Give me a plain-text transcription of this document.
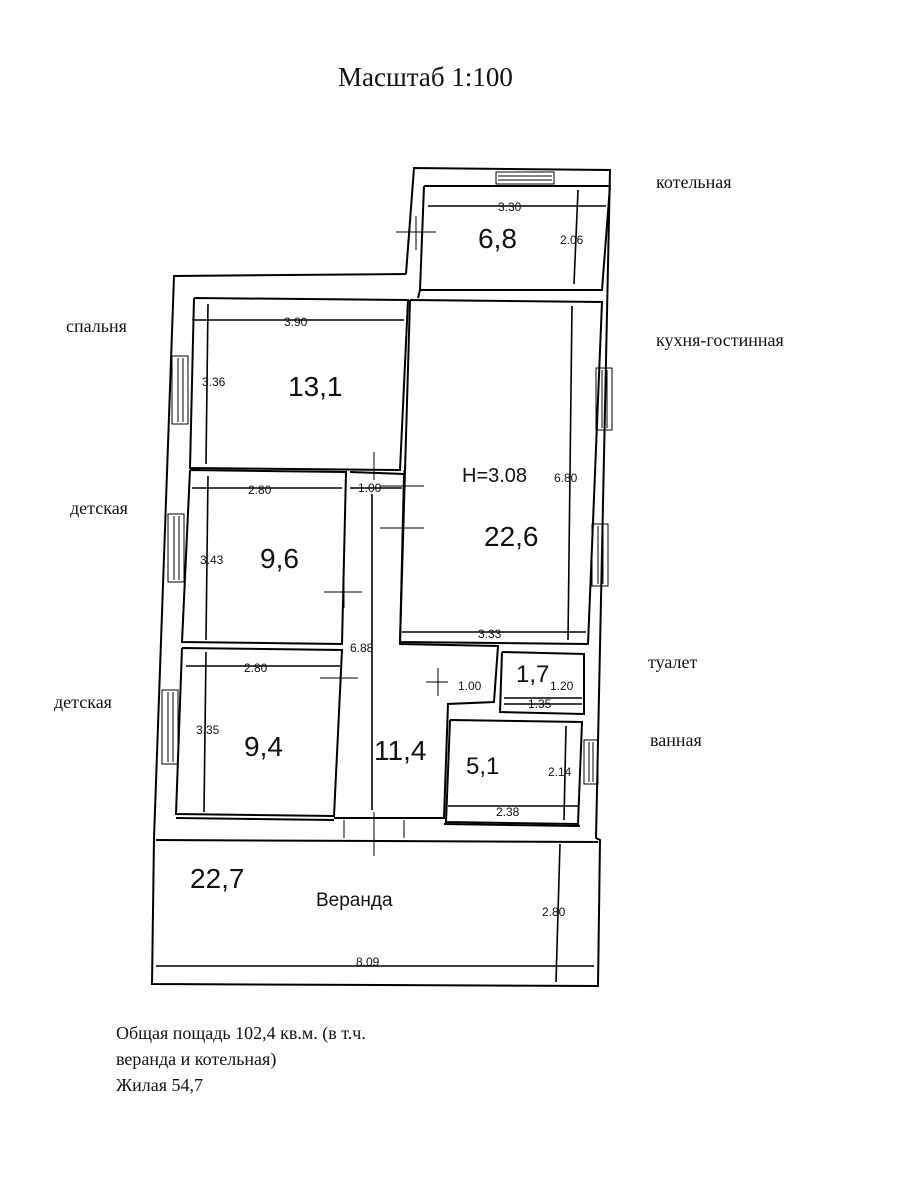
Масштаб 1:100
котельная
спальня
кухня-гостинная
детская
туалет
детская
ванная
6,8
13,1
22,6
9,6
9,4	11,4
1,7
5,1
22,7
Веранда
H=3.08
3.30
2.06
3.90
3.36
6.80
3.33
2.80
3.43
1.00
6.88
2.80
3.35
1.00	1.20
1.35
2.14
2.38
8.09
2.80
Общая пощадь 102,4 кв.м. (в т.ч.
веранда и котельная)
Жилая 54,7
